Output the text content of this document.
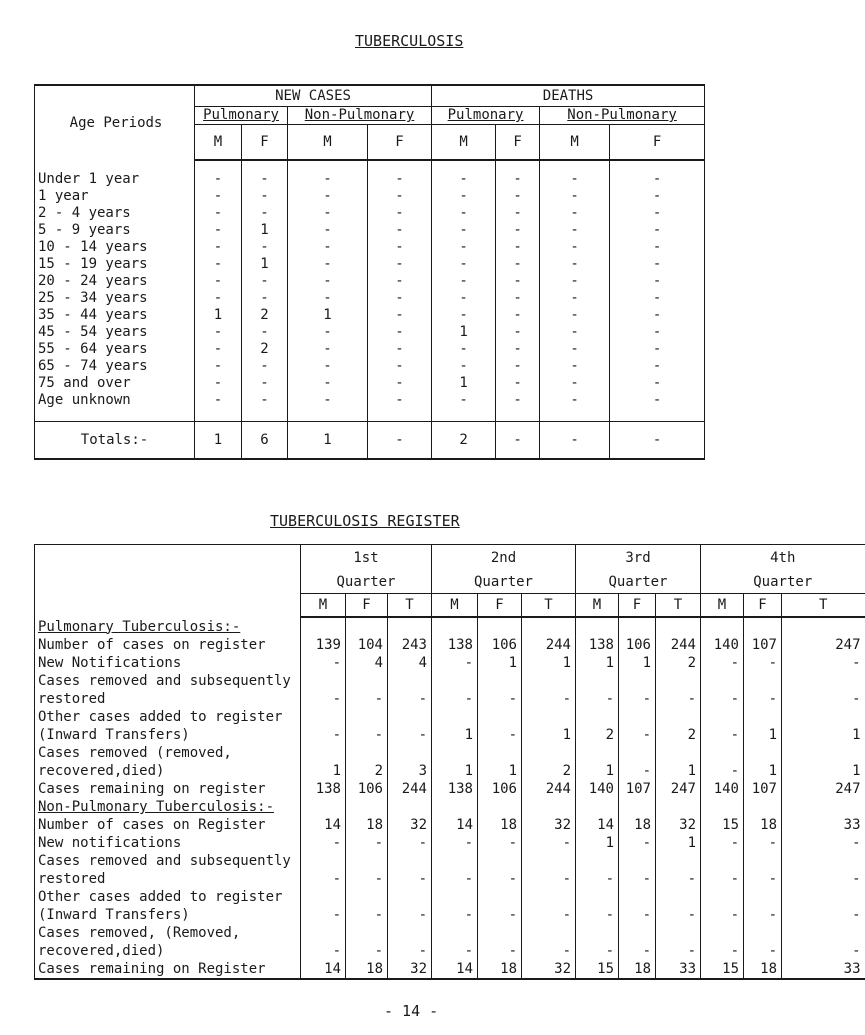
TUBERCULOSIS
Age Periods	NEW CASES				DEATHS			
	Pulmonary		Non-Pulmonary		Pulmonary		Non-Pulmonary	
	M	F	M	F	M	F	M	F
Under 1 year	-	-	-	-	-	-	-	-
1 year	-	-	-	-	-	-	-	-
2 - 4 years	-	-	-	-	-	-	-	-
5 - 9 years	-	1	-	-	-	-	-	-
10 - 14 years	-	-	-	-	-	-	-	-
15 - 19 years	-	1	-	-	-	-	-	-
20 - 24 years	-	-	-	-	-	-	-	-
25 - 34 years	-	-	-	-	-	-	-	-
35 - 44 years	1	2	1	-	-	-	-	-
45 - 54 years	-	-	-	-	1	-	-	-
55 - 64 years	-	2	-	-	-	-	-	-
65 - 74 years	-	-	-	-	-	-	-	-
75 and over	-	-	-	-	1	-	-	-
Age unknown	-	-	-	-	-	-	-	-

Totals:-	1	6	1	-	2	-	-	-
TUBERCULOSIS REGISTER
	1st			2nd			3rd			4th		
	Quarter			Quarter			Quarter			Quarter		
	M	F	T	M	F	T	M	F	T	M	F	T
Pulmonary Tuberculosis:-												
Number of cases on register	139	104	243	138	106	244	138	106	244	140	107	247
New Notifications	-	4	4	-	1	1	1	1	2	-	-	-
Cases removed and subsequently												
restored	-	-	-	-	-	-	-	-	-	-	-	-
Other cases added to register												
(Inward Transfers)	-	-	-	1	-	1	2	-	2	-	1	1
Cases removed (removed,												
recovered,died)	1	2	3	1	1	2	1	-	1	-	1	1
Cases remaining on register	138	106	244	138	106	244	140	107	247	140	107	247
Non-Pulmonary Tuberculosis:-												
Number of cases on Register	14	18	32	14	18	32	14	18	32	15	18	33
New notifications	-	-	-	-	-	-	1	-	1	-	-	-
Cases removed and subsequently												
restored	-	-	-	-	-	-	-	-	-	-	-	-
Other cases added to register												
(Inward Transfers)	-	-	-	-	-	-	-	-	-	-	-	-
Cases removed, (Removed,												
recovered,died)	-	-	-	-	-	-	-	-	-	-	-	-
Cases remaining on Register	14	18	32	14	18	32	15	18	33	15	18	33
- 14 -
